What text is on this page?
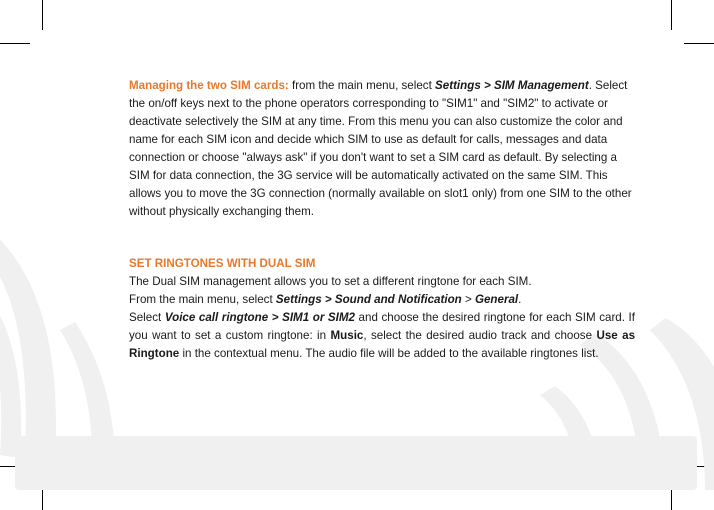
Managing the two SIM cards: from the main menu, select Settings > SIM Management. Select the on/off keys next to the phone operators corresponding to "SIM1" and "SIM2" to activate or deactivate selectively the SIM at any time. From this menu you can also customize the color and name for each SIM icon and decide which SIM to use as default for calls, messages and data connection or choose "always ask" if you don't want to set a SIM card as default. By selecting a SIM for data connection, the 3G service will be automatically activated on the same SIM. This allows you to move the 3G connection (normally available on slot1 only) from one SIM to the other without physically exchanging them.

SET RINGTONES WITH DUAL SIM

The Dual SIM management allows you to set a different ringtone for each SIM.

From the main menu, select Settings > Sound and Notification > General.

Select Voice call ringtone > SIM1 or SIM2 and choose the desired ringtone for each SIM card. If you want to set a custom ringtone: in Music, select the desired audio track and choose Use as Ringtone in the contextual menu. The audio file will be added to the available ringtones list.
